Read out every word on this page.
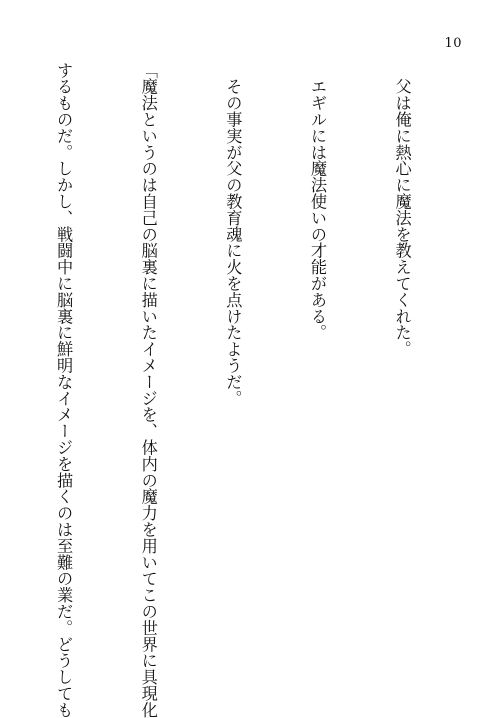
10

　父は俺に熱心に魔法を教えてくれた。

　エギルには魔法使いの才能がある。

　その事実が父の教育魂に火を点けたようだ。

「魔法というのは自己の脳裏に描いたイメージを、体内の魔力を用いてこの世界に具現化

するものだ。しかし、戦闘中に脳裏に鮮明なイメージを描くのは至難の業だ。どうしても
